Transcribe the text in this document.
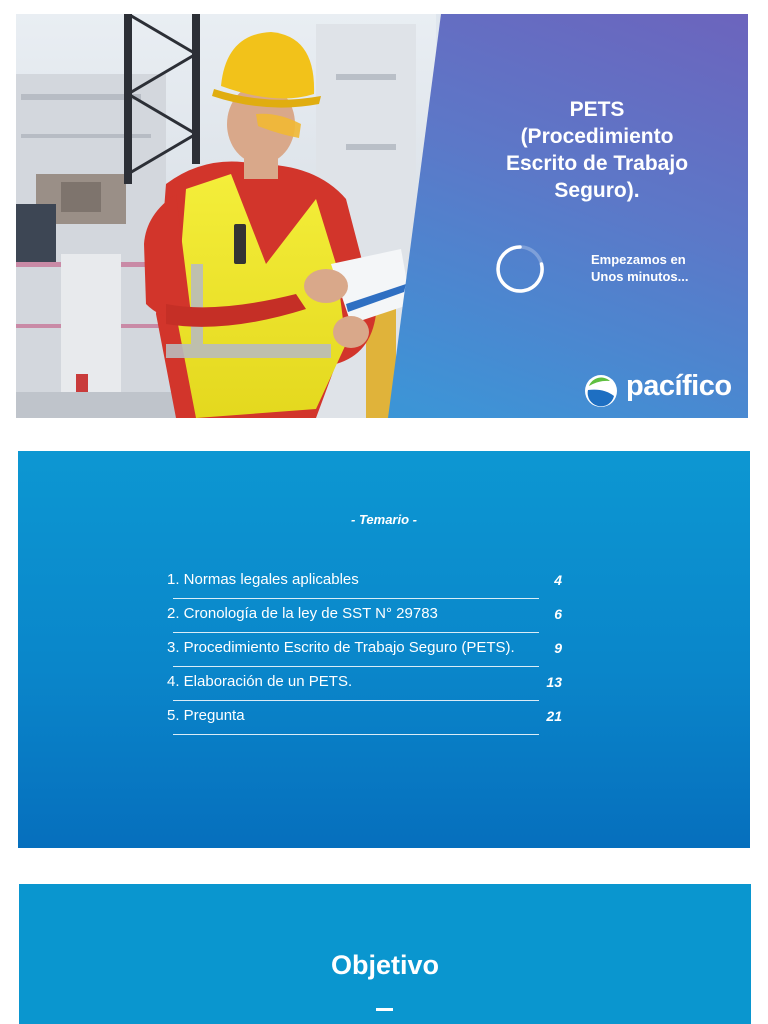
PETS
(Procedimiento
Escrito de Trabajo
Seguro).
Empezamos en
Unos minutos...
pacífico
- Temario -
1. Normas legales aplicables	4
2. Cronología de la ley de SST N° 29783	6
3. Procedimiento Escrito de Trabajo Seguro (PETS).	9
4. Elaboración de un PETS.	13
5. Pregunta	21
Objetivo
